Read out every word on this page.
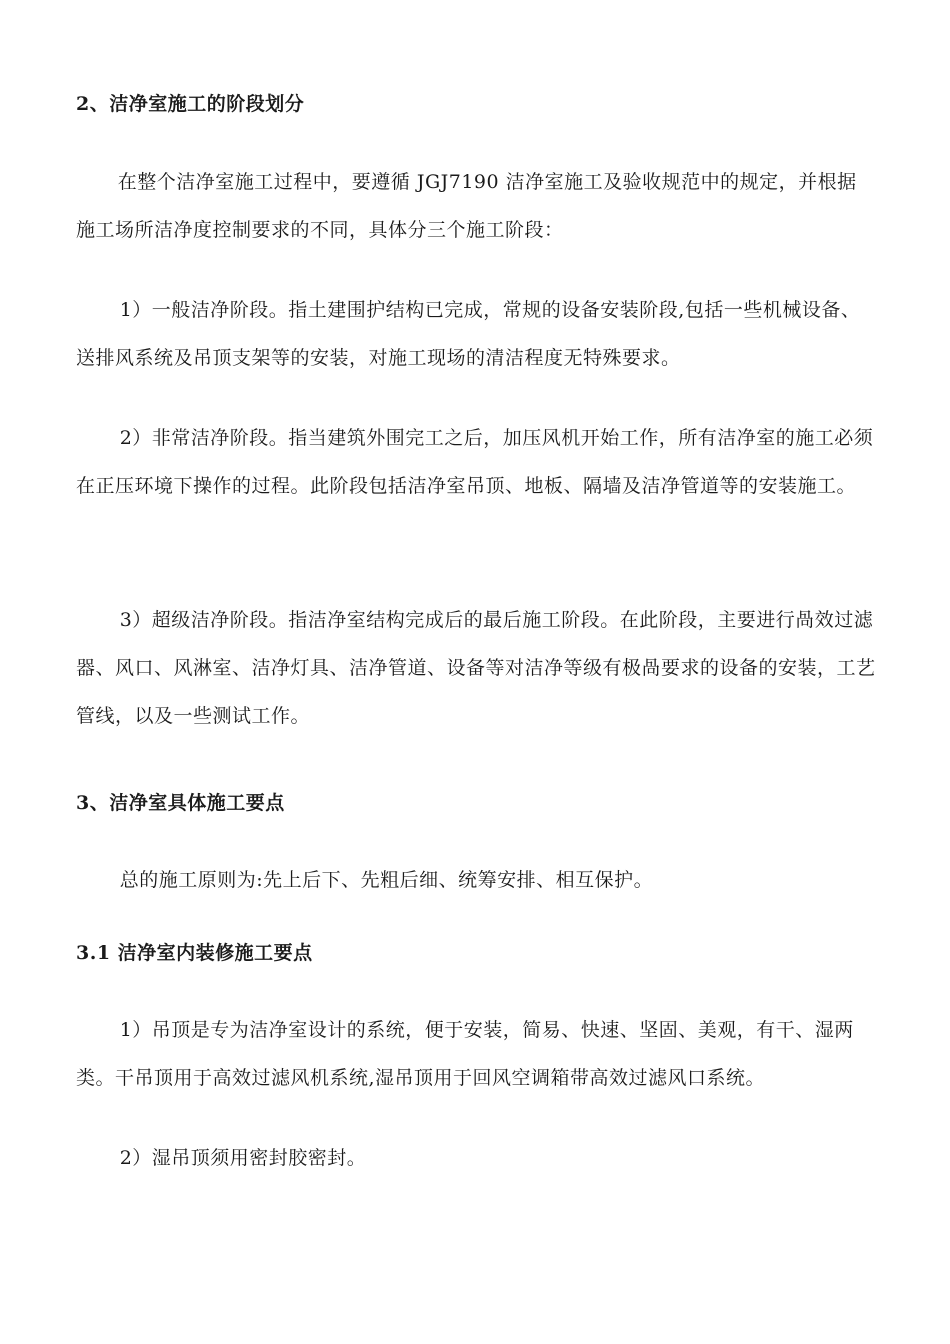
2、洁净室施工的阶段划分

在整个洁净室施工过程中，要遵循 JGJ7190 洁净室施工及验收规范中的规定，并根据施工场所洁净度控制要求的不同，具体分三个施工阶段：

1）一般洁净阶段。指土建围护结构已完成，常规的设备安装阶段,包括一些机械设备、送排风系统及吊顶支架等的安装，对施工现场的清洁程度无特殊要求。

2）非常洁净阶段。指当建筑外围完工之后，加压风机开始工作，所有洁净室的施工必须在正压环境下操作的过程。此阶段包括洁净室吊顶、地板、隔墙及洁净管道等的安装施工。

3）超级洁净阶段。指洁净室结构完成后的最后施工阶段。在此阶段，主要进行咼效过滤器、风口、风淋室、洁净灯具、洁净管道、设备等对洁净等级有极咼要求的设备的安装，工艺管线，以及一些测试工作。

3、洁净室具体施工要点

总的施工原则为:先上后下、先粗后细、统筹安排、相互保护。

3.1 洁净室内装修施工要点

1）吊顶是专为洁净室设计的系统，便于安装，简易、快速、坚固、美观，有干、湿两类。干吊顶用于高效过滤风机系统,湿吊顶用于回风空调箱带高效过滤风口系统。

2）湿吊顶须用密封胶密封。
